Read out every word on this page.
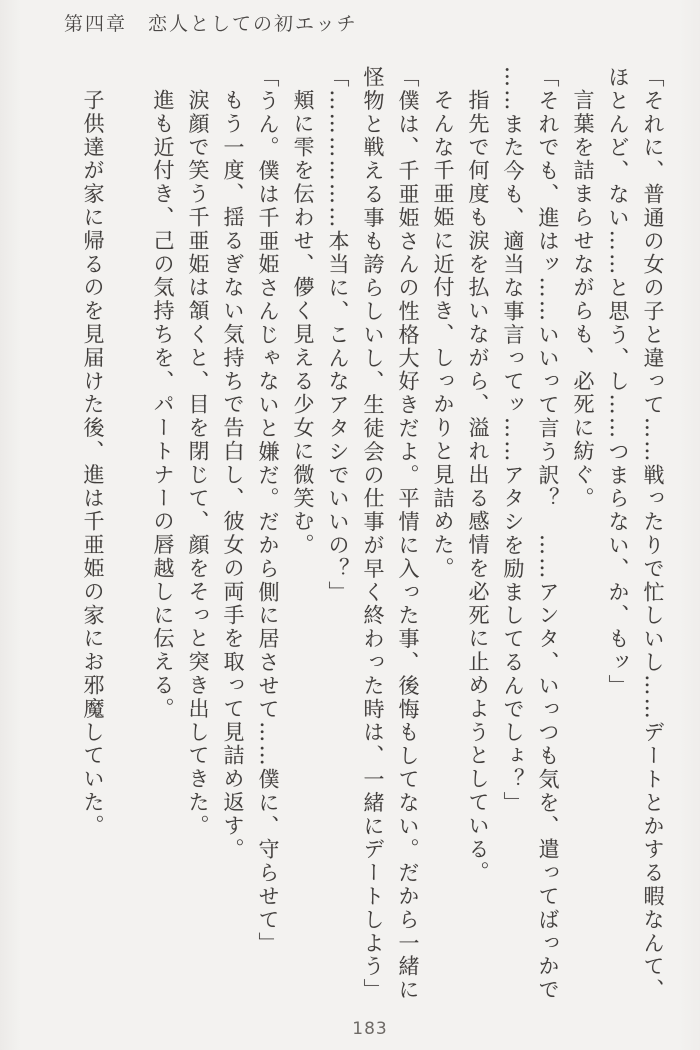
第四章　恋人としての初エッチ

「それに、普通の女の子と違って……戦ったりで忙しいし……デートとかする暇なんて、

ほとんど、ない……と思う、し……つまらない、か、もッ」

言葉を詰まらせながらも、必死に紡ぐ。

「それでも、進はッ……いいって言う訳？　……アンタ、いっつも気を、遣ってばっかで

……また今も、適当な事言ってッ……アタシを励ましてるんでしょ？」

指先で何度も涙を払いながら、溢れ出る感情を必死に止めようとしている。

そんな千亜姫に近付き、しっかりと見詰めた。

「僕は、千亜姫さんの性格大好きだよ。平情に入った事、後悔もしてない。だから一緒に

怪物と戦える事も誇らしいし、生徒会の仕事が早く終わった時は、一緒にデートしよう」

「………………本当に、こんなアタシでいいの？」

頬に雫を伝わせ、儚く見える少女に微笑む。

「うん。僕は千亜姫さんじゃないと嫌だ。だから側に居させて……僕に、守らせて」

もう一度、揺るぎない気持ちで告白し、彼女の両手を取って見詰め返す。

涙顔で笑う千亜姫は頷くと、目を閉じて、顔をそっと突き出してきた。

進も近付き、己の気持ちを、パートナーの唇越しに伝える。

子供達が家に帰るのを見届けた後、進は千亜姫の家にお邪魔していた。

183
